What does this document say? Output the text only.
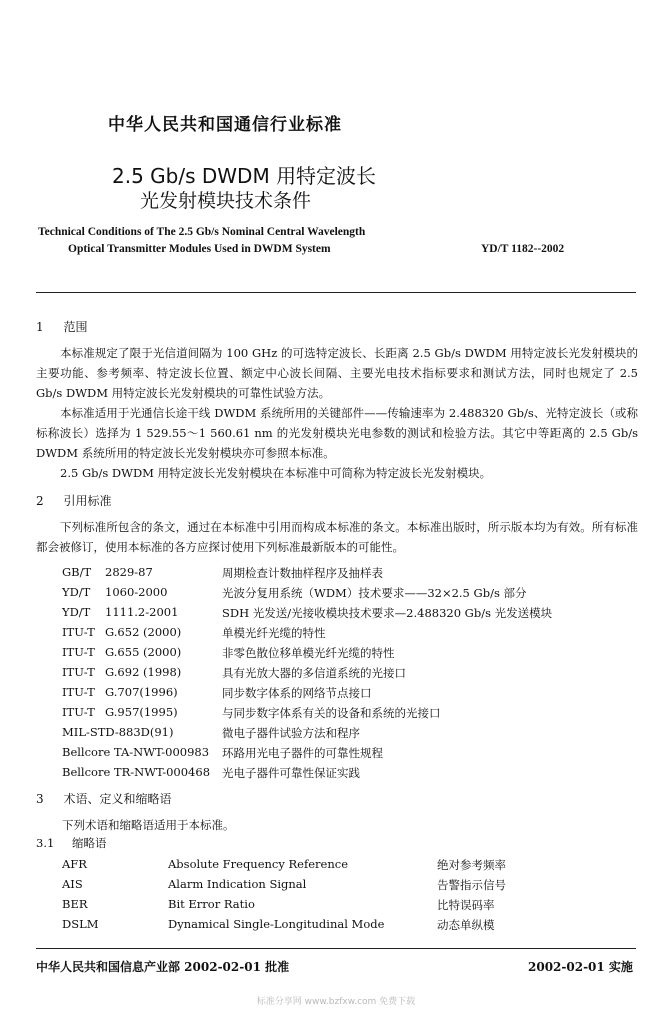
中华人民共和国通信行业标准
2.5 Gb/s DWDM 用特定波长
光发射模块技术条件
Technical Conditions of The 2.5 Gb/s Nominal Central Wavelength
Optical Transmitter Modules Used in DWDM System	YD/T 1182--2002
1 范围
本标准规定了限于光信道间隔为 100 GHz 的可选特定波长、长距离 2.5 Gb/s DWDM 用特定波长光发射模块的主要功能、参考频率、特定波长位置、额定中心波长间隔、主要光电技术指标要求和测试方法，同时也规定了 2.5 Gb/s DWDM 用特定波长光发射模块的可靠性试验方法。
本标准适用于光通信长途干线 DWDM 系统所用的关键部件——传输速率为 2.488320 Gb/s、光特定波长（或称标称波长）选择为 1 529.55～1 560.61 nm 的光发射模块光电参数的测试和检验方法。其它中等距离的 2.5 Gb/s DWDM 系统所用的特定波长光发射模块亦可参照本标准。
2.5 Gb/s DWDM 用特定波长光发射模块在本标准中可简称为特定波长光发射模块。
2 引用标准
下列标准所包含的条文，通过在本标准中引用而构成本标准的条文。本标准出版时，所示版本均为有效。所有标准都会被修订，使用本标准的各方应探讨使用下列标准最新版本的可能性。
GB/T 2829-87	周期检查计数抽样程序及抽样表
YD/T 1060-2000	光波分复用系统（WDM）技术要求——32×2.5 Gb/s 部分
YD/T 1111.2-2001	SDH 光发送/光接收模块技术要求—2.488320 Gb/s 光发送模块
ITU-T G.652 (2000)	单模光纤光缆的特性
ITU-T G.655 (2000)	非零色散位移单模光纤光缆的特性
ITU-T G.692 (1998)	具有光放大器的多信道系统的光接口
ITU-T G.707(1996)	同步数字体系的网络节点接口
ITU-T G.957(1995)	与同步数字体系有关的设备和系统的光接口
MIL-STD-883D(91)	微电子器件试验方法和程序
Bellcore TA-NWT-000983 环路用光电子器件的可靠性规程
Bellcore TR-NWT-000468 光电子器件可靠性保证实践
3 术语、定义和缩略语
下列术语和缩略语适用于本标准。
3.1 缩略语
AFR	Absolute Frequency Reference	绝对参考频率
AIS	Alarm Indication Signal	告警指示信号
BER	Bit Error Ratio	比特误码率
DSLM	Dynamical Single-Longitudinal Mode	动态单纵模
中华人民共和国信息产业部 2002-02-01 批准	2002-02-01 实施
标准分享网 www.bzfxw.com 免费下载
